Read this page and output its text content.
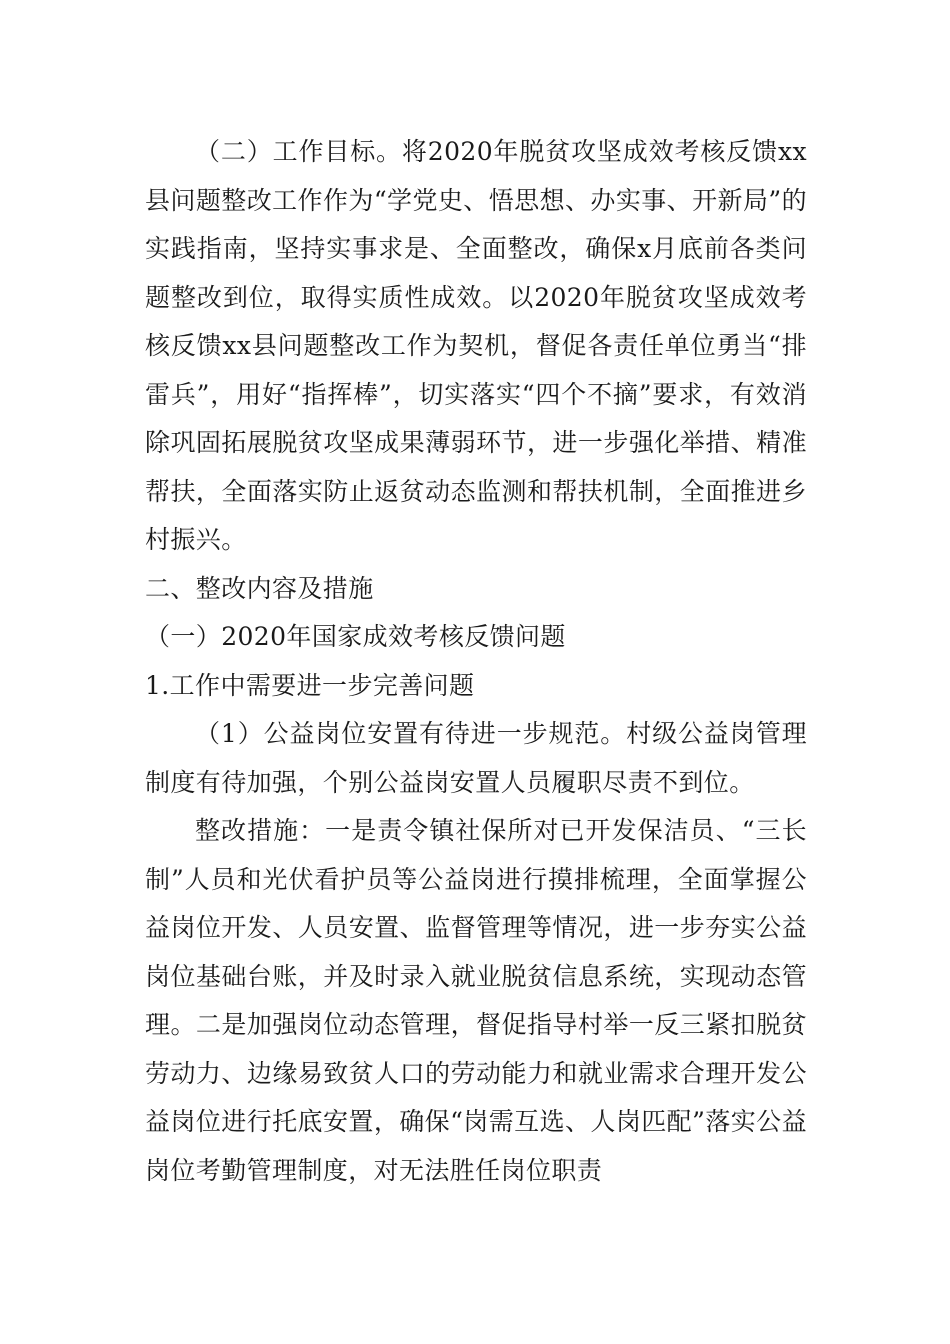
（二）工作目标。将2020年脱贫攻坚成效考核反馈xx县问题整改工作作为“学党史、悟思想、办实事、开新局”的实践指南，坚持实事求是、全面整改，确保x月底前各类问题整改到位，取得实质性成效。以2020年脱贫攻坚成效考核反馈xx县问题整改工作为契机，督促各责任单位勇当“排雷兵”，用好“指挥棒”，切实落实“四个不摘”要求，有效消除巩固拓展脱贫攻坚成果薄弱环节，进一步强化举措、精准帮扶，全面落实防止返贫动态监测和帮扶机制，全面推进乡村振兴。

二、整改内容及措施

（一）2020年国家成效考核反馈问题

1.工作中需要进一步完善问题

（1）公益岗位安置有待进一步规范。村级公益岗管理制度有待加强，个别公益岗安置人员履职尽责不到位。

整改措施：一是责令镇社保所对已开发保洁员、“三长制”人员和光伏看护员等公益岗进行摸排梳理，全面掌握公益岗位开发、人员安置、监督管理等情况，进一步夯实公益岗位基础台账，并及时录入就业脱贫信息系统，实现动态管理。二是加强岗位动态管理，督促指导村举一反三紧扣脱贫劳动力、边缘易致贫人口的劳动能力和就业需求合理开发公益岗位进行托底安置，确保“岗需互选、人岗匹配”落实公益岗位考勤管理制度，对无法胜任岗位职责
